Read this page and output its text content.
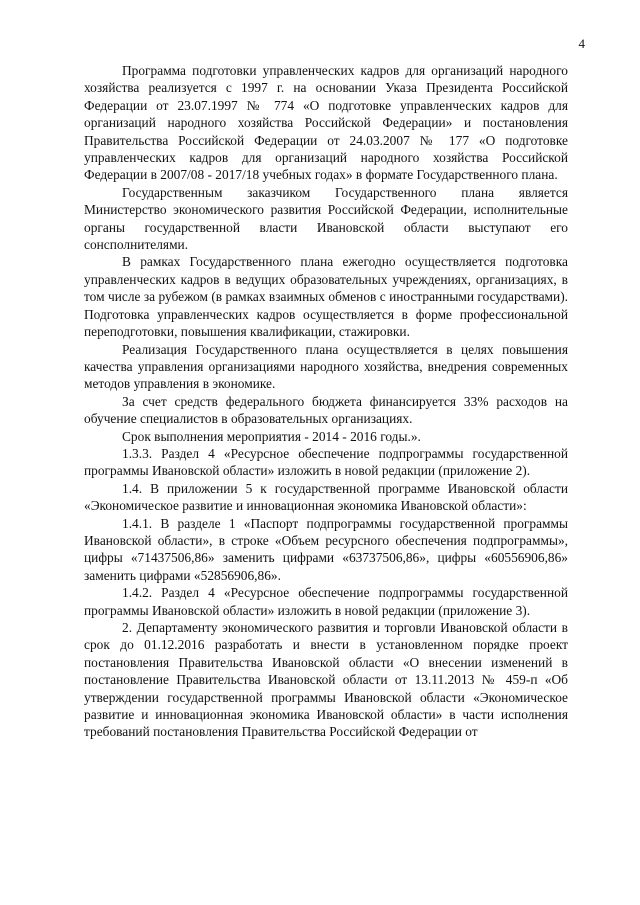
4

Программа подготовки управленческих кадров для организаций народного хозяйства реализуется с 1997 г. на основании Указа Президента Российской Федерации от 23.07.1997 № 774 «О подготовке управленческих кадров для организаций народного хозяйства Российской Федерации» и постановления Правительства Российской Федерации от 24.03.2007 № 177 «О подготовке управленческих кадров для организаций народного хозяйства Российской Федерации в 2007/08 - 2017/18 учебных годах» в формате Государственного плана.

Государственным заказчиком Государственного плана является Министерство экономического развития Российской Федерации, исполнительные органы государственной власти Ивановской области выступают его сонсполнителями.

В рамках Государственного плана ежегодно осуществляется подготовка управленческих кадров в ведущих образовательных учреждениях, организациях, в том числе за рубежом (в рамках взаимных обменов с иностранными государствами). Подготовка управленческих кадров осуществляется в форме профессиональной переподготовки, повышения квалификации, стажировки.

Реализация Государственного плана осуществляется в целях повышения качества управления организациями народного хозяйства, внедрения современных методов управления в экономике.

За счет средств федерального бюджета финансируется 33% расходов на обучение специалистов в образовательных организациях.

Срок выполнения мероприятия - 2014 - 2016 годы.».

1.3.3. Раздел 4 «Ресурсное обеспечение подпрограммы государственной программы Ивановской области» изложить в новой редакции (приложение 2).

1.4. В приложении 5 к государственной программе Ивановской области «Экономическое развитие и инновационная экономика Ивановской области»:

1.4.1. В разделе 1 «Паспорт подпрограммы государственной программы Ивановской области», в строке «Объем ресурсного обеспечения подпрограммы», цифры «71437506,86» заменить цифрами «63737506,86», цифры «60556906,86» заменить цифрами «52856906,86».

1.4.2. Раздел 4 «Ресурсное обеспечение подпрограммы государственной программы Ивановской области» изложить в новой редакции (приложение 3).

2. Департаменту экономического развития и торговли Ивановской области в срок до 01.12.2016 разработать и внести в установленном порядке проект постановления Правительства Ивановской области «О внесении изменений в постановление Правительства Ивановской области от 13.11.2013 № 459-п «Об утверждении государственной программы Ивановской области «Экономическое развитие и инновационная экономика Ивановской области» в части исполнения требований постановления Правительства Российской Федерации от
